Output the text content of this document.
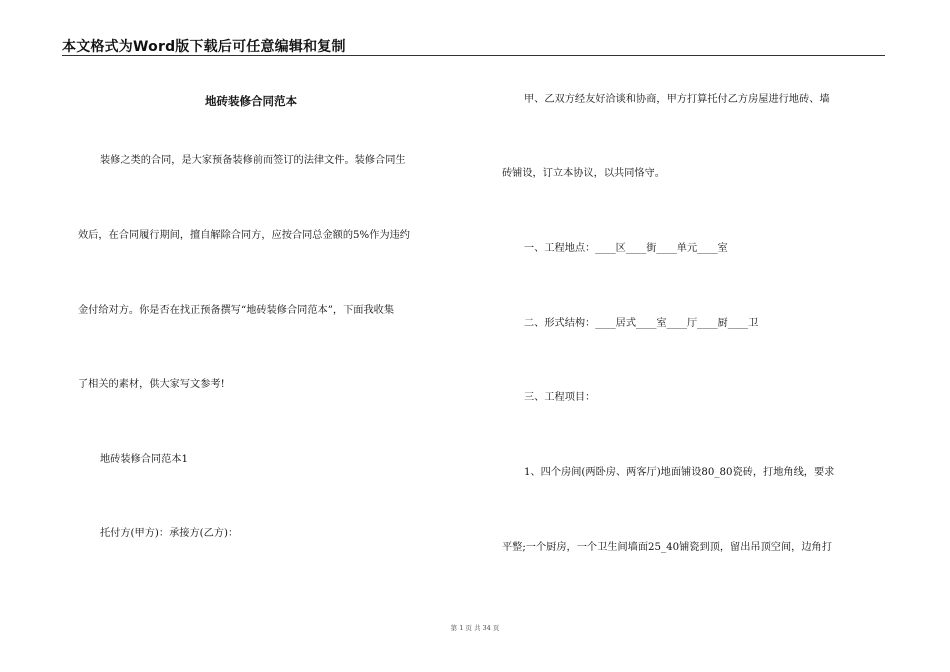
本文格式为Word版下载后可任意编辑和复制
地砖装修合同范本
装修之类的合同，是大家预备装修前而签订的法律文件。装修合同生
效后，在合同履行期间，擅自解除合同方，应按合同总金额的5%作为违约
金付给对方。你是否在找正预备撰写“地砖装修合同范本”，下面我收集
了相关的素材，供大家写文参考!
地砖装修合同范本1
托付方(甲方)：承接方(乙方)：
甲、乙双方经友好洽谈和协商，甲方打算托付乙方房屋进行地砖、墙
砖铺设，订立本协议，以共同恪守。
一、工程地点：____区____街____单元____室
二、形式结构：____居式____室____厅____厨____卫
三、工程项目：
1、四个房间(两卧房、两客厅)地面铺设80_80瓷砖，打地角线，要求
平整;一个厨房，一个卫生间墙面25_40铺瓷到顶，留出吊顶空间，边角打
第 1 页 共 34 页
